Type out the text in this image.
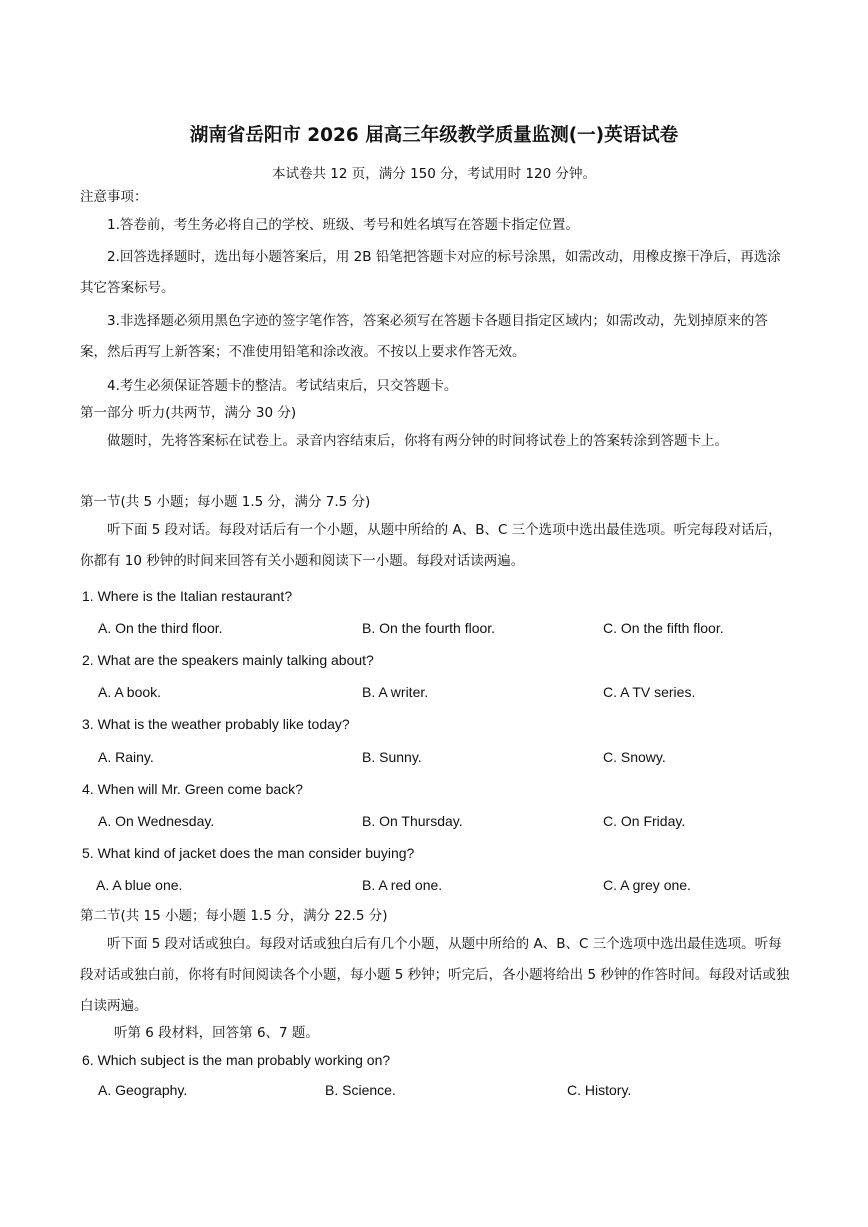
湖南省岳阳市 2026 届高三年级教学质量监测(一)英语试卷
本试卷共 12 页，满分 150 分，考试用时 120 分钟。
注意事项：
1.答卷前，考生务必将自己的学校、班级、考号和姓名填写在答题卡指定位置。
2.回答选择题时，选出每小题答案后，用 2B 铅笔把答题卡对应的标号涂黑，如需改动，用橡皮擦干净后，再选涂其它答案标号。
3.非选择题必须用黑色字迹的签字笔作答，答案必须写在答题卡各题目指定区域内；如需改动，先划掉原来的答案，然后再写上新答案；不准使用铅笔和涂改液。不按以上要求作答无效。
4.考生必须保证答题卡的整洁。考试结束后，只交答题卡。
第一部分 听力(共两节，满分 30 分)
做题时，先将答案标在试卷上。录音内容结束后，你将有两分钟的时间将试卷上的答案转涂到答题卡上。
第一节(共 5 小题；每小题 1.5 分，满分 7.5 分)
听下面 5 段对话。每段对话后有一个小题，从题中所给的 A、B、C 三个选项中选出最佳选项。听完每段对话后，你都有 10 秒钟的时间来回答有关小题和阅读下一小题。每段对话读两遍。
1. Where is the Italian restaurant?
A. On the third floor.	B. On the fourth floor.	C. On the fifth floor.
2. What are the speakers mainly talking about?
A. A book.	B. A writer.	C. A TV series.
3. What is the weather probably like today?
A. Rainy.	B. Sunny.	C. Snowy.
4. When will Mr. Green come back?
A. On Wednesday.	B. On Thursday.	C. On Friday.
5. What kind of jacket does the man consider buying?
A. A blue one.	B. A red one.	C. A grey one.
第二节(共 15 小题；每小题 1.5 分，满分 22.5 分)
听下面 5 段对话或独白。每段对话或独白后有几个小题，从题中所给的 A、B、C 三个选项中选出最佳选项。听每段对话或独白前，你将有时间阅读各个小题，每小题 5 秒钟；听完后，各小题将给出 5 秒钟的作答时间。每段对话或独白读两遍。
听第 6 段材料，回答第 6、7 题。
6. Which subject is the man probably working on?
A. Geography.	B. Science.	C. History.
